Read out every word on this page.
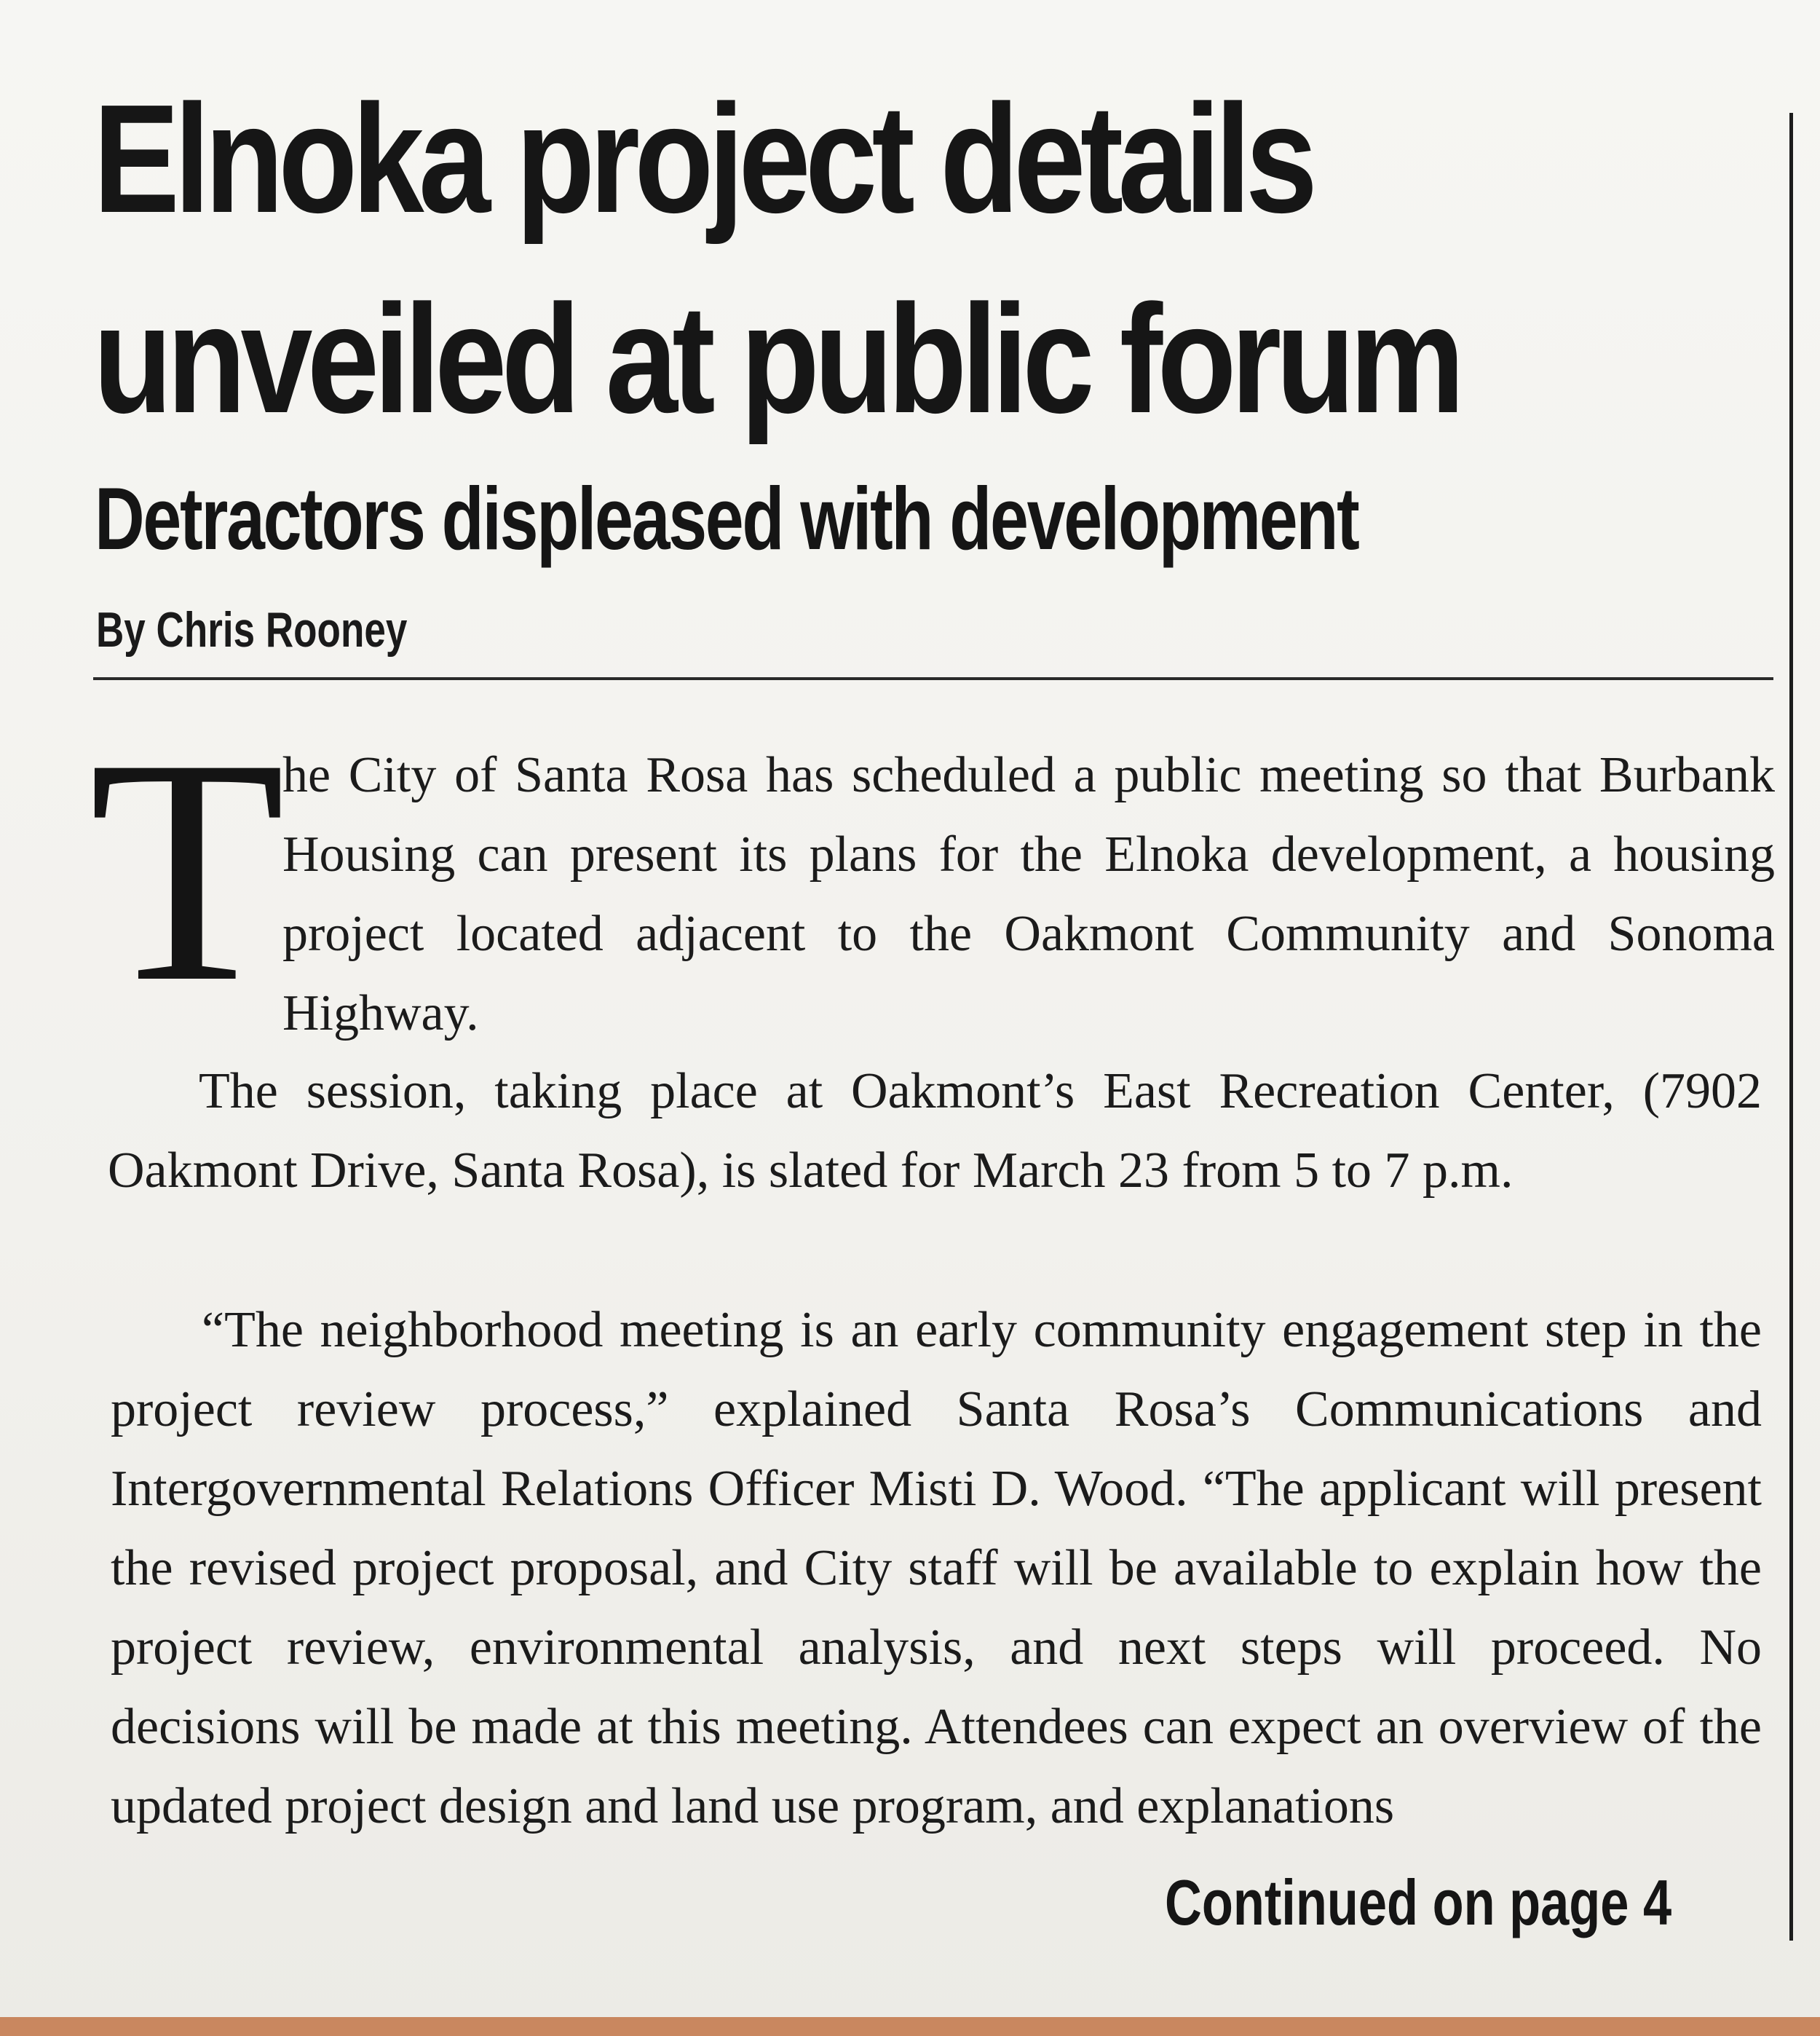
Elnoka project details
unveiled at public forum
Detractors displeased with development
By Chris Rooney
T

he City of Santa Rosa has scheduled a public meeting so that Burbank Housing can present its plans for the Elnoka development, a housing project located adjacent to the Oakmont Community and Sonoma Highway.

The session, taking place at Oakmont’s East Recreation Center, (7902 Oakmont Drive, Santa Rosa), is slated for March 23 from 5 to 7 p.m.

“The neighborhood meeting is an early community engagement step in the project review process,” explained Santa Rosa’s Communications and Intergovernmental Relations Officer Misti D. Wood. “The applicant will present the revised project proposal, and City staff will be available to explain how the project review, environmental analysis, and next steps will proceed. No decisions will be made at this meeting. Attendees can expect an overview of the updated project design and land use program, and explanations

Continued on page 4
